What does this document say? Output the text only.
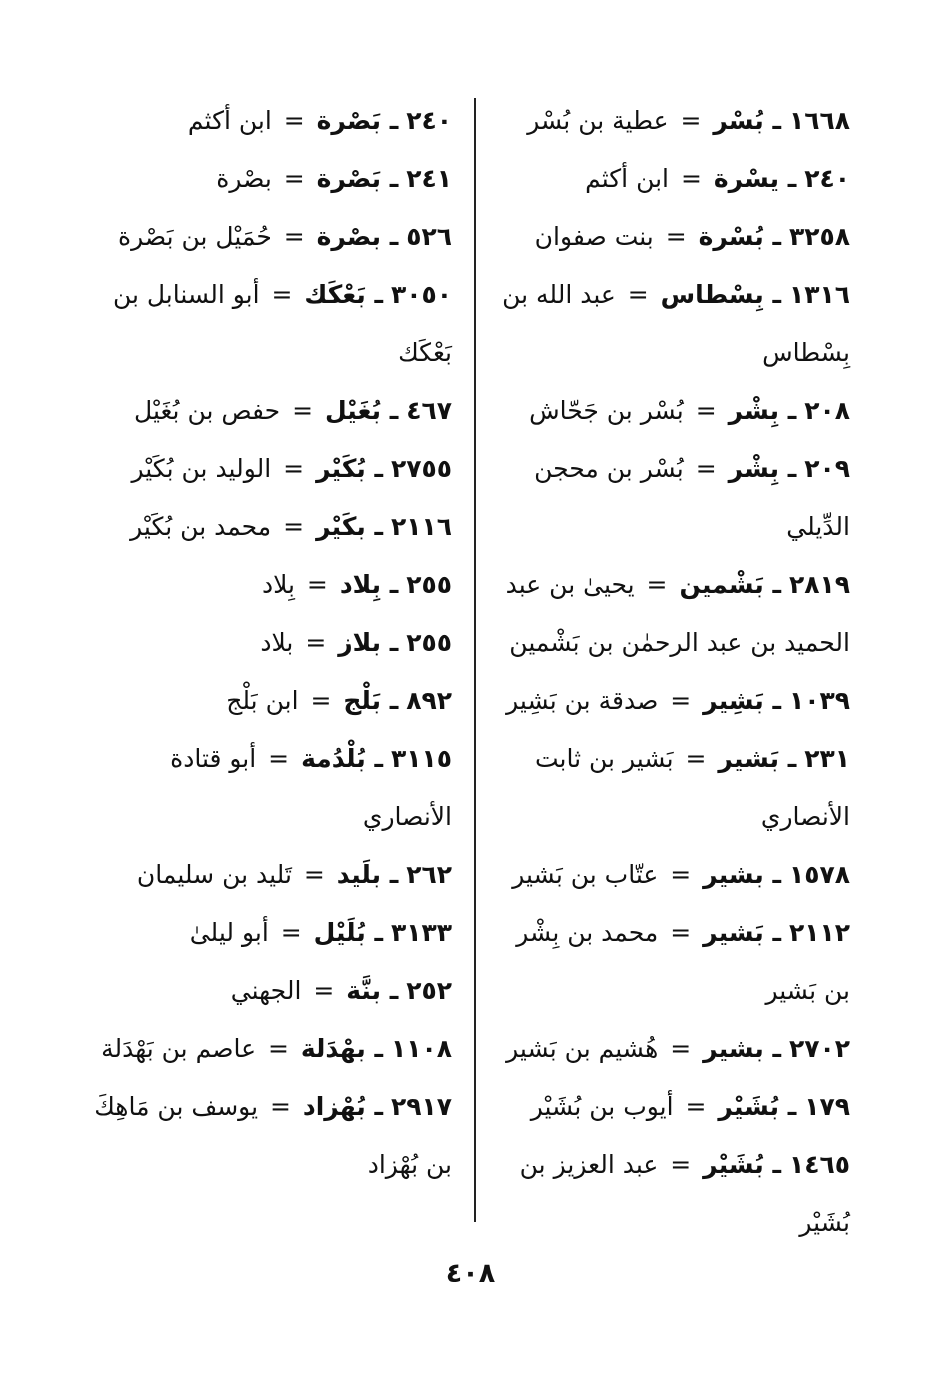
١٦٦٨ ـ بُسْر = عطية بن بُسْر

٢٤٠ ـ يسْرة = ابن أكثم

٣٢٥٨ ـ بُسْرة = بنت صفوان

١٣١٦ ـ بِسْطاس = عبد الله بن بِسْطاس

٢٠٨ ـ بِشْر = بُسْر بن جَحّاش

٢٠٩ ـ بِشْر = بُسْر بن محجن الدِّيلي

٢٨١٩ ـ بَشْمين = يحيىٰ بن عبد الحميد بن عبد الرحمٰن بن بَشْمين

١٠٣٩ ـ بَشِير = صدقة بن بَشِير

٢٣١ ـ بَشير = بَشير بن ثابت الأنصاري

١٥٧٨ ـ بشير = عتّاب بن بَشير

٢١١٢ ـ بَشير = محمد بن بِشْر بن بَشير

٢٧٠٢ ـ بشير = هُشيم بن بَشير

١٧٩ ـ بُشَيْر = أيوب بن بُشَيْر

١٤٦٥ ـ بُشَيْر = عبد العزيز بن بُشَيْر

٢٤٠ ـ بَصْرة = ابن أكثم

٢٤١ ـ بَصْرة = بصْرة

٥٢٦ ـ بصْرة = حُمَيْل بن بَصْرة

٣٠٥٠ ـ بَعْكَك = أبو السنابل بن بَعْكَك

٤٦٧ ـ بُغَيْل = حفص بن بُغَيْل

٢٧٥٥ ـ بُكَيْر = الوليد بن بُكَيْر

٢١١٦ ـ بكَيْر = محمد بن بُكَيْر

٢٥٥ ـ بِلاد = بِلاد

٢٥٥ ـ بلاز = بلاد

٨٩٢ ـ بَلْج = ابن بَلْج

٣١١٥ ـ بُلْدُمة = أبو قتادة الأنصاري

٢٦٢ ـ بلَيد = تَليد بن سليمان

٣١٣٣ ـ بُلَيْل = أبو ليلىٰ

٢٥٢ ـ بنَّة = الجهني

١١٠٨ ـ بهْدَلة = عاصم بن بَهْدَلة

٢٩١٧ ـ بُهْزاد = يوسف بن مَاهِكَ بن بُهْزاد

٤٠٨
